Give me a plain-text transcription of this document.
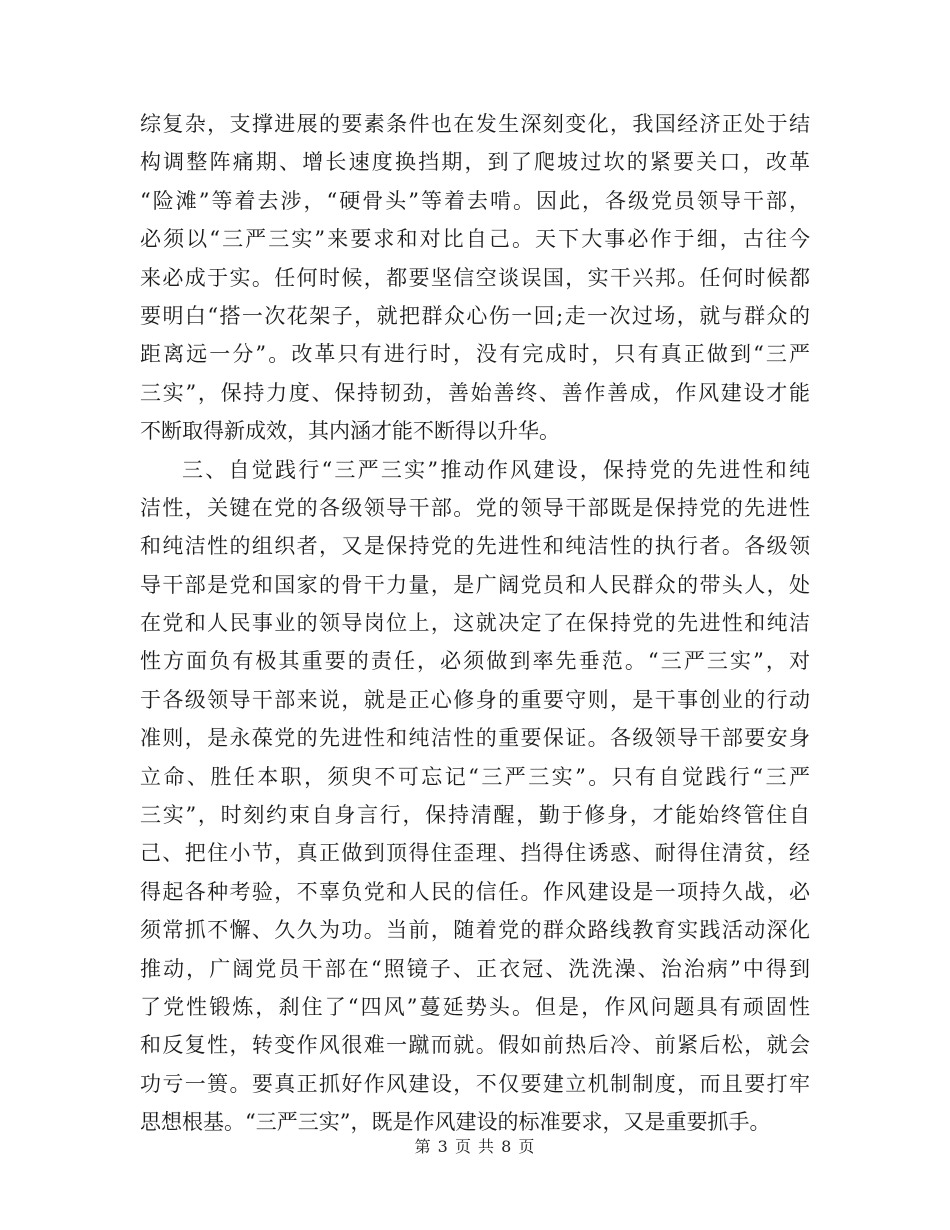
综复杂，支撑进展的要素条件也在发生深刻变化，我国经济正处于结
构调整阵痛期、增长速度换挡期，到了爬坡过坎的紧要关口，改革
“险滩”等着去涉，“硬骨头”等着去啃。因此，各级党员领导干部，
必须以“三严三实”来要求和对比自己。天下大事必作于细，古往今
来必成于实。任何时候，都要坚信空谈误国，实干兴邦。任何时候都
要明白“搭一次花架子，就把群众心伤一回;走一次过场，就与群众的
距离远一分”。改革只有进行时，没有完成时，只有真正做到“三严
三实”，保持力度、保持韧劲，善始善终、善作善成，作风建设才能
不断取得新成效，其内涵才能不断得以升华。
三、自觉践行“三严三实”推动作风建设，保持党的先进性和纯
洁性，关键在党的各级领导干部。党的领导干部既是保持党的先进性
和纯洁性的组织者，又是保持党的先进性和纯洁性的执行者。各级领
导干部是党和国家的骨干力量，是广阔党员和人民群众的带头人，处
在党和人民事业的领导岗位上，这就决定了在保持党的先进性和纯洁
性方面负有极其重要的责任，必须做到率先垂范。“三严三实”，对
于各级领导干部来说，就是正心修身的重要守则，是干事创业的行动
准则，是永葆党的先进性和纯洁性的重要保证。各级领导干部要安身
立命、胜任本职，须臾不可忘记“三严三实”。只有自觉践行“三严
三实”，时刻约束自身言行，保持清醒，勤于修身，才能始终管住自
己、把住小节，真正做到顶得住歪理、挡得住诱惑、耐得住清贫，经
得起各种考验，不辜负党和人民的信任。作风建设是一项持久战，必
须常抓不懈、久久为功。当前，随着党的群众路线教育实践活动深化
推动，广阔党员干部在“照镜子、正衣冠、洗洗澡、治治病”中得到
了党性锻炼，刹住了“四风”蔓延势头。但是，作风问题具有顽固性
和反复性，转变作风很难一蹴而就。假如前热后冷、前紧后松，就会
功亏一篑。要真正抓好作风建设，不仅要建立机制制度，而且要打牢
思想根基。“三严三实”，既是作风建设的标准要求，又是重要抓手。
第 3 页 共 8 页
